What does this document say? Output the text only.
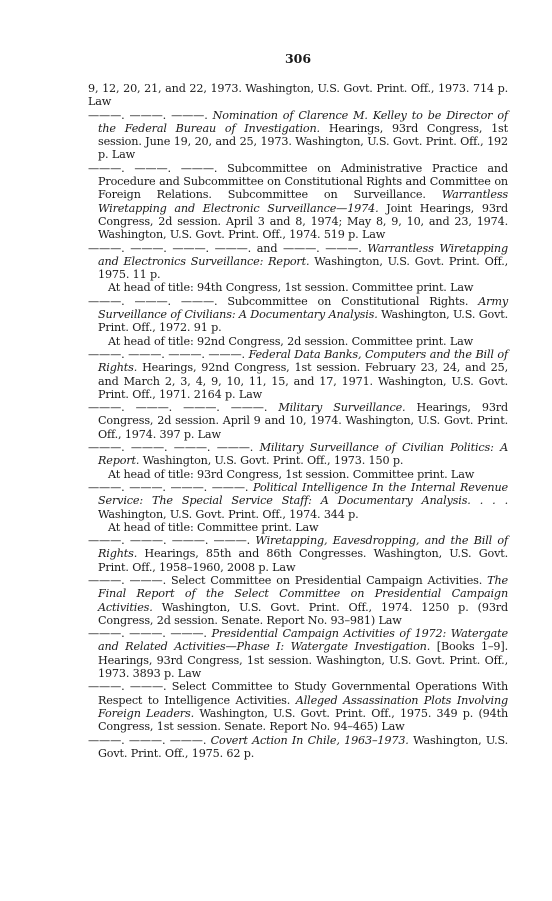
306

9, 12, 20, 21, and 22, 1973. Washington, U.S. Govt. Print. Off., 1973. 714 p. Law

———. ———. ———. Nomination of Clarence M. Kelley to be Director of the Federal Bureau of Investigation. Hearings, 93rd Congress, 1st session. June 19, 20, and 25, 1973. Washington, U.S. Govt. Print. Off., 192 p. Law

———. ———. ———. Subcommittee on Administrative Practice and Procedure and Subcommittee on Constitutional Rights and Committee on Foreign Relations. Subcommittee on Surveillance. Warrantless Wiretapping and Electronic Surveillance—1974. Joint Hearings, 93rd Congress, 2d session. April 3 and 8, 1974; May 8, 9, 10, and 23, 1974. Washington, U.S. Govt. Print. Off., 1974. 519 p. Law

———. ———. ———. ———. and ———. ———. Warrantless Wiretapping and Electronics Surveillance: Report. Washington, U.S. Govt. Print. Off., 1975. 11 p.

At head of title: 94th Congress, 1st session. Committee print. Law

———. ———. ———. Subcommittee on Constitutional Rights. Army Surveillance of Civilians: A Documentary Analysis. Washington, U.S. Govt. Print. Off., 1972. 91 p.

At head of title: 92nd Congress, 2d session. Committee print. Law

———. ———. ———. ———. Federal Data Banks, Computers and the Bill of Rights. Hearings, 92nd Congress, 1st session. February 23, 24, and 25, and March 2, 3, 4, 9, 10, 11, 15, and 17, 1971. Washington, U.S. Govt. Print. Off., 1971. 2164 p. Law

———. ———. ———. ———. Military Surveillance. Hearings, 93rd Congress, 2d session. April 9 and 10, 1974. Washington, U.S. Govt. Print. Off., 1974. 397 p. Law

———. ———. ———. ———. Military Surveillance of Civilian Politics: A Report. Washington, U.S. Govt. Print. Off., 1973. 150 p.

At head of title: 93rd Congress, 1st session. Committee print. Law

———. ———. ———. ———. Political Intelligence In the Internal Revenue Service: The Special Service Staff: A Documentary Analysis. . . . Washington, U.S. Govt. Print. Off., 1974. 344 p.

At head of title: Committee print. Law

———. ———. ———. ———. Wiretapping, Eavesdropping, and the Bill of Rights. Hearings, 85th and 86th Congresses. Washington, U.S. Govt. Print. Off., 1958–1960, 2008 p. Law

———. ———. Select Committee on Presidential Campaign Activities. The Final Report of the Select Committee on Presidential Campaign Activities. Washington, U.S. Govt. Print. Off., 1974. 1250 p. (93rd Congress, 2d session. Senate. Report No. 93–981) Law

———. ———. ———. Presidential Campaign Activities of 1972: Watergate and Related Activities—Phase I: Watergate Investigation. [Books 1–9]. Hearings, 93rd Congress, 1st session. Washington, U.S. Govt. Print. Off., 1973. 3893 p. Law

———. ———. Select Committee to Study Governmental Operations With Respect to Intelligence Activities. Alleged Assassination Plots Involving Foreign Leaders. Washington, U.S. Govt. Print. Off., 1975. 349 p. (94th Congress, 1st session. Senate. Report No. 94–465) Law

———. ———. ———. Covert Action In Chile, 1963–1973. Washington, U.S. Govt. Print. Off., 1975. 62 p.
